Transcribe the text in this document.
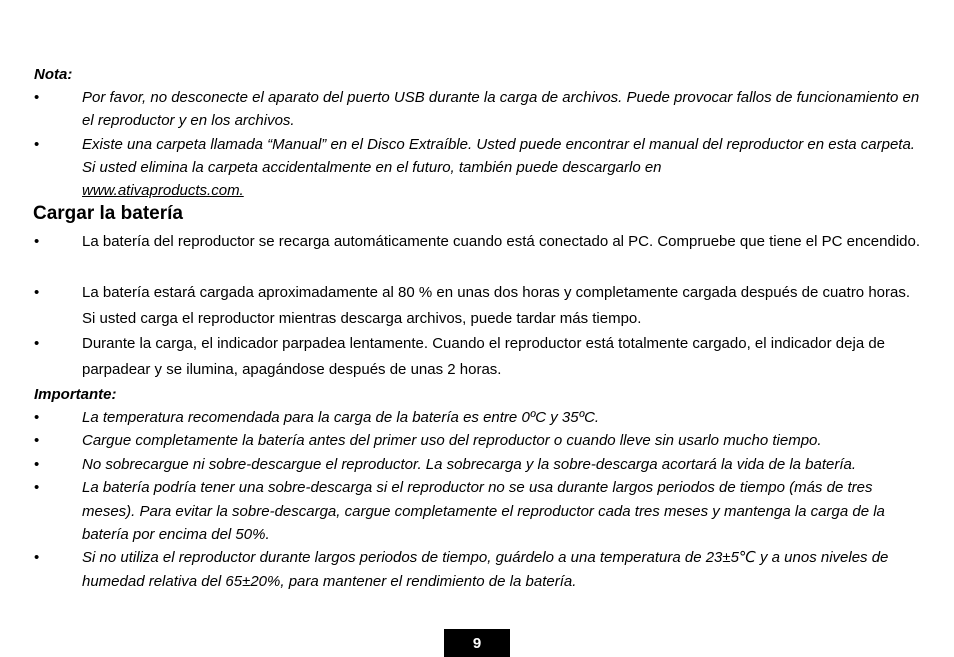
Nota:
•	Por favor, no desconecte el aparato del puerto USB durante la carga de archivos. Puede provocar fallos de funcionamiento en el reproductor y en los archivos.
•	Existe una carpeta llamada “Manual” en el Disco Extraíble. Usted puede encontrar el manual del reproductor en esta carpeta. Si usted elimina la carpeta accidentalmente en el futuro, también puede descargarlo en
www.ativaproducts.com.
Cargar la batería
•	La batería del reproductor se recarga automáticamente cuando está conectado al PC. Compruebe que tiene el PC encendido.
•	La batería estará cargada aproximadamente al 80 % en unas dos horas y completamente cargada después de cuatro horas. Si usted carga el reproductor mientras descarga archivos, puede tardar más tiempo.
•	Durante la carga, el indicador parpadea lentamente. Cuando el reproductor está totalmente cargado, el indicador deja de parpadear y se ilumina, apagándose después de unas 2 horas.
Importante:
•	La temperatura recomendada para la carga de la batería es entre 0ºC y 35ºC.
•	Cargue completamente la batería antes del primer uso del reproductor o cuando lleve sin usarlo mucho tiempo.
•	No sobrecargue ni sobre-descargue el reproductor. La sobrecarga y la sobre-descarga acortará la vida de la batería.
•	La batería podría tener una sobre-descarga si el reproductor no se usa durante largos periodos de tiempo (más de tres meses). Para evitar la sobre-descarga, cargue completamente el reproductor cada tres meses y mantenga la carga de la batería por encima del 50%.
•	Si no utiliza el reproductor durante largos periodos de tiempo, guárdelo a una temperatura de 23±5℃ y a unos niveles de humedad relativa del 65±20%, para mantener el rendimiento de la batería.
9
